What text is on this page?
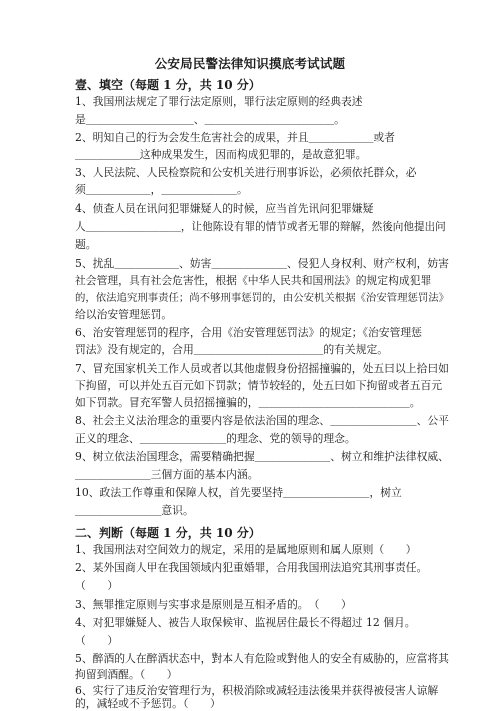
公安局民警法律知识摸底考试试题
壹、填空（每题 1 分，共 10 分）
1、我国刑法规定了罪行法定原则，罪行法定原则的经典表述
是＿＿＿＿＿＿＿＿＿＿、＿＿＿＿＿＿＿＿＿＿＿＿。
2、明知自己的行为会发生危害社会的成果，并且＿＿＿＿＿＿或者
＿＿＿＿＿＿这种成果发生，因而构成犯罪的，是故意犯罪。
3、人民法院、人民检察院和公安机关进行刑事诉讼，必须依托群众，必
须＿＿＿＿＿＿，＿＿＿＿＿＿＿。
4、侦查人员在讯问犯罪嫌疑人的时候，应当首先讯问犯罪嫌疑
人＿＿＿＿＿＿＿＿＿，让他陈设有罪的情节或者无罪的辩解，然後向他提出问
题。
5、扰乱＿＿＿＿＿＿、妨害＿＿＿＿＿＿＿、侵犯人身权利、财产权利，妨害
社会管理，具有社会危害性，根据《中华人民共和国刑法》的规定构成犯罪
的，依法追究刑事责任；尚不够刑事惩罚的，由公安机关根据《治安管理惩罚法》
给以治安管理惩罚。
6、治安管理惩罚的程序，合用《治安管理惩罚法》的规定；《治安管理惩
罚法》没有规定的，合用＿＿＿＿＿＿＿＿＿＿＿＿的有关规定。
7、冒充国家机关工作人员或者以其他虚假身份招摇撞骗的，处五曰以上拾曰如
下拘留，可以并处五百元如下罚款；情节较轻的，处五曰如下拘留或者五百元
如下罚款。冒充军警人员招摇撞骗的，＿＿＿＿＿＿＿＿＿＿＿＿＿＿。
8、社会主义法治理念的重要内容是依法治国的理念、＿＿＿＿＿＿＿＿、公平
正义的理念、＿＿＿＿＿＿＿＿的理念、党的领导的理念。
9、树立依法治国理念，需要精确把握＿＿＿＿＿＿＿、树立和维护法律权威、
＿＿＿＿＿＿＿三個方面的基本内涵。
10、政法工作尊重和保障人权，首先要坚持＿＿＿＿＿＿＿＿，树立
＿＿＿＿＿＿＿＿意识。
二、判断（每题 1 分，共 10 分）
1、我国刑法对空间效力的规定，采用的是属地原则和属人原则（　　）
2、某外国商人甲在我国领域内犯重婚罪，合用我国刑法追究其刑事责任。
（　　）
3、無罪推定原则与实事求是原则是互相矛盾的。　（　　）
4、对犯罪嫌疑人、被告人取保候审、监视居住最长不得超过 12 個月。
（　　）
5、醉酒的人在醉酒状态中，對本人有危险或對他人的安全有威胁的，应當将其
拘留到酒醒。（　　）
6、实行了违反治安管理行为，积极消除或减轻违法後果并获得被侵害人谅解
的，减轻或不予惩罚。（　　）
